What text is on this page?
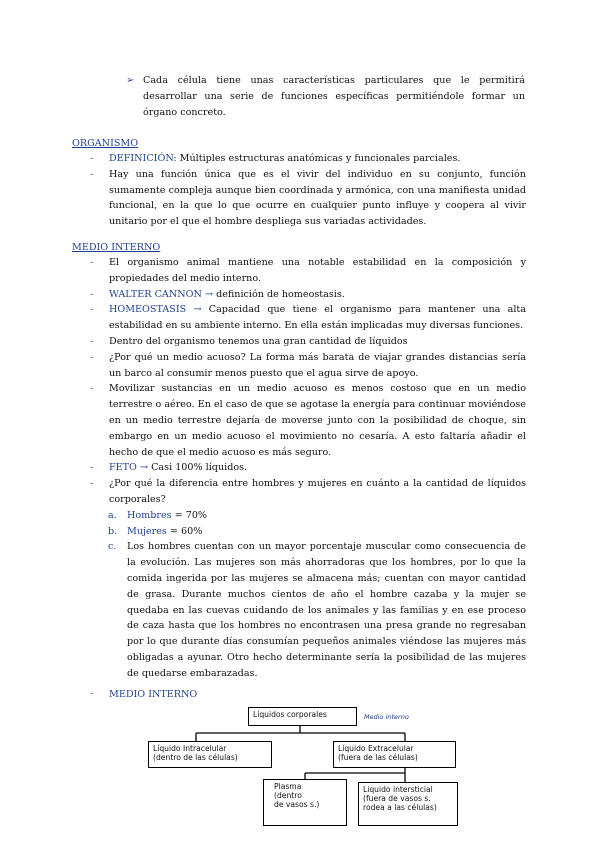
➢ Cada célula tiene unas características particulares que le permitirá desarrollar una serie de funciones específicas permitiéndole formar un órgano concreto.
ORGANISMO
- DEFINICIÓN: Múltiples estructuras anatómicas y funcionales parciales.
- Hay una función única que es el vivir del individuo en su conjunto, función sumamente compleja aunque bien coordinada y armónica, con una manifiesta unidad funcional, en la que lo que ocurre en cualquier punto influye y coopera al vivir unitario por el que el hombre despliega sus variadas actividades.
MEDIO INTERNO
- El organismo animal mantiene una notable estabilidad en la composición y propiedades del medio interno.
- WALTER CANNON → definición de homeostasis.
- HOMEOSTASIS → Capacidad que tiene el organismo para mantener una alta estabilidad en su ambiente interno. En ella están implicadas muy diversas funciones.
- Dentro del organismo tenemos una gran cantidad de líquidos
- ¿Por qué un medio acuoso? La forma más barata de viajar grandes distancias sería un barco al consumir menos puesto que el agua sirve de apoyo.
- Movilizar sustancias en un medio acuoso es menos costoso que en un medio terrestre o aéreo. En el caso de que se agotase la energía para continuar moviéndose en un medio terrestre dejaría de moverse junto con la posibilidad de choque, sin embargo en un medio acuoso el movimiento no cesaría. A esto faltaría añadir el hecho de que el medio acuoso es más seguro.
- FETO → Casi 100% líquidos.
- ¿Por qué la diferencia entre hombres y mujeres en cuánto a la cantidad de líquidos corporales?
a. Hombres = 70%
b. Mujeres = 60%
c. Los hombres cuentan con un mayor porcentaje muscular como consecuencia de la evolución. Las mujeres son más ahorradoras que los hombres, por lo que la comida ingerida por las mujeres se almacena más; cuentan con mayor cantidad de grasa. Durante muchos cientos de año el hombre cazaba y la mujer se quedaba en las cuevas cuidando de los animales y las familias y en ese proceso de caza hasta que los hombres no encontrasen una presa grande no regresaban por lo que durante días consumían pequeños animales viéndose las mujeres más obligadas a ayunar. Otro hecho determinante sería la posibilidad de las mujeres de quedarse embarazadas.
- MEDIO INTERNO
Líquidos corporales	Medio interno
Líquido Intracelular
(dentro de las células)
Líquido Extracelular
(fuera de las células)
Plasma
(dentro
de vasos s.)
Liquido intersticial
(fuera de vasos s.
rodea a las células)
